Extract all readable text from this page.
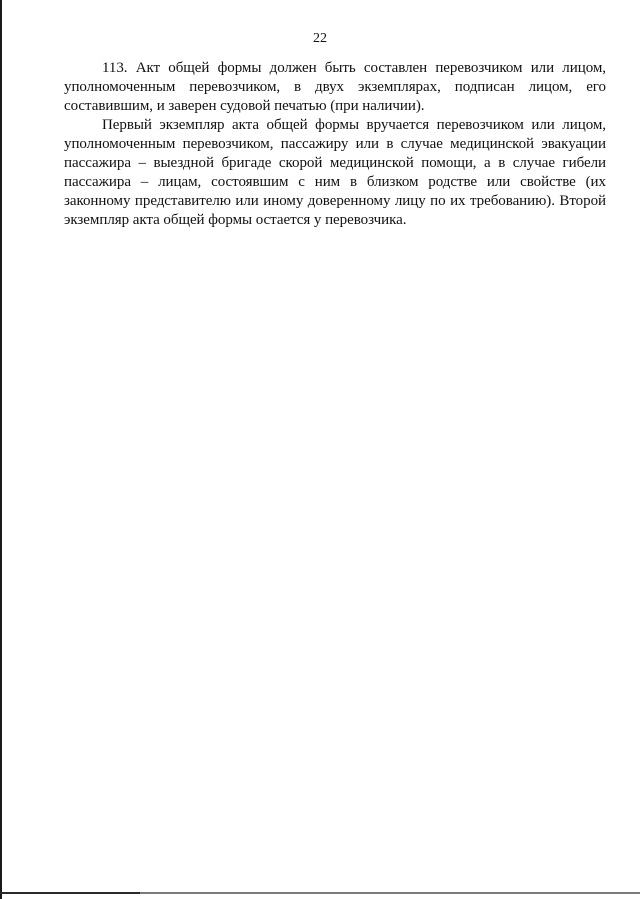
22

113. Акт общей формы должен быть составлен перевозчиком или лицом, уполномоченным перевозчиком, в двух экземплярах, подписан лицом, его составившим, и заверен судовой печатью (при наличии).

Первый экземпляр акта общей формы вручается перевозчиком или лицом, уполномоченным перевозчиком, пассажиру или в случае медицинской эвакуации пассажира – выездной бригаде скорой медицинской помощи, а в случае гибели пассажира – лицам, состоявшим с ним в близком родстве или свойстве (их законному представителю или иному доверенному лицу по их требованию). Второй экземпляр акта общей формы остается у перевозчика.
